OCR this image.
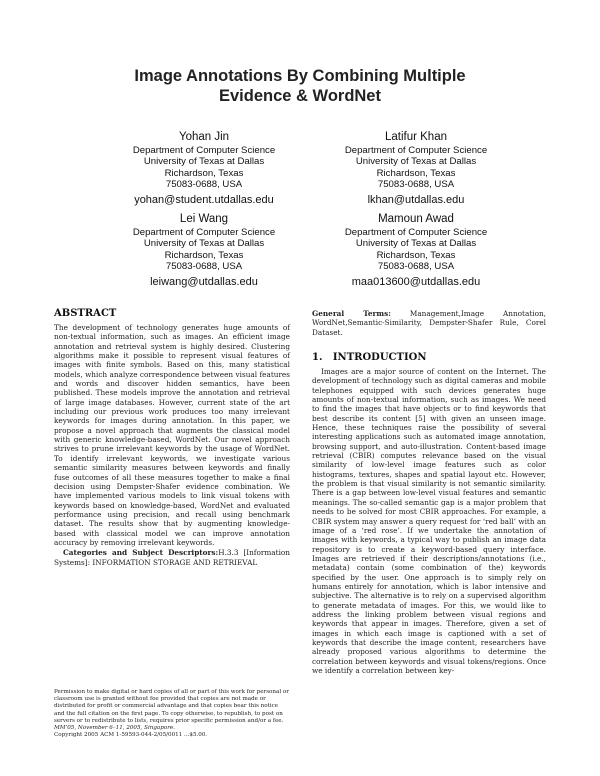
Image Annotations By Combining Multiple
Evidence & WordNet
Yohan Jin
Department of Computer Science
University of Texas at Dallas
Richardson, Texas
75083-0688, USA
yohan@student.utdallas.edu
Latifur Khan
Department of Computer Science
University of Texas at Dallas
Richardson, Texas
75083-0688, USA
lkhan@utdallas.edu
Lei Wang
Department of Computer Science
University of Texas at Dallas
Richardson, Texas
75083-0688, USA
leiwang@utdallas.edu
Mamoun Awad
Department of Computer Science
University of Texas at Dallas
Richardson, Texas
75083-0688, USA
maa013600@utdallas.edu
ABSTRACT

The development of technology generates huge amounts of non-textual information, such as images. An efficient image annotation and retrieval system is highly desired. Clustering algorithms make it possible to represent visual features of images with finite symbols. Based on this, many statistical models, which analyze correspondence between visual features and words and discover hidden semantics, have been published. These models improve the annotation and retrieval of large image databases. However, current state of the art including our previous work produces too many irrelevant keywords for images during annotation. In this paper, we propose a novel approach that augments the classical model with generic knowledge-based, WordNet. Our novel approach strives to prune irrelevant keywords by the usage of WordNet. To identify irrelevant keywords, we investigate various semantic similarity measures between keywords and finally fuse outcomes of all these measures together to make a final decision using Dempster-Shafer evidence combination. We have implemented various models to link visual tokens with keywords based on knowledge-based, WordNet and evaluated performance using precision, and recall using benchmark dataset. The results show that by augmenting knowledge-based with classical model we can improve annotation accuracy by removing irrelevant keywords.

Categories and Subject Descriptors:H.3.3 [Information Systems]: INFORMATION STORAGE AND RETRIEVAL

Permission to make digital or hard copies of all or part of this work for personal or classroom use is granted without fee provided that copies are not made or distributed for profit or commercial advantage and that copies bear this notice and the full citation on the first page. To copy otherwise, to republish, to post on servers or to redistribute to lists, requires prior specific permission and/or a fee.

MM’05, November 6–11, 2005, Singapore.

Copyright 2005 ACM 1-59593-044-2/05/0011 ...$5.00.

General Terms:	Management,Image Annotation, WordNet,Semantic-Similarity, Dempster-Shafer Rule, Corel Dataset.

1.   INTRODUCTION

Images are a major source of content on the Internet. The development of technology such as digital cameras and mobile telephones equipped with such devices generates huge amounts of non-textual information, such as images. We need to find the images that have objects or to find keywords that best describe its content [5] with given an unseen image. Hence, these techniques raise the possibility of several interesting applications such as automated image annotation, browsing support, and auto-illustration. Content-based image retrieval (CBIR) computes relevance based on the visual similarity of low-level image features such as color histograms, textures, shapes and spatial layout etc. However, the problem is that visual similarity is not semantic similarity. There is a gap between low-level visual features and semantic meanings. The so-called semantic gap is a major problem that needs to be solved for most CBIR approaches. For example, a CBIR system may answer a query request for ‘red ball’ with an image of a ‘red rose’. If we undertake the annotation of images with keywords, a typical way to publish an image data repository is to create a keyword-based query interface. Images are retrieved if their descriptions/annotations (i.e., metadata) contain (some combination of the) keywords specified by the user. One approach is to simply rely on humans entirely for annotation, which is labor intensive and subjective. The alternative is to rely on a supervised algorithm to generate metadata of images. For this, we would like to address the linking problem between visual regions and keywords that appear in images. Therefore, given a set of images in which each image is captioned with a set of keywords that describe the image content, researchers have already proposed various algorithms to determine the correlation between keywords and visual tokens/regions. Once we identify a correlation between key-
